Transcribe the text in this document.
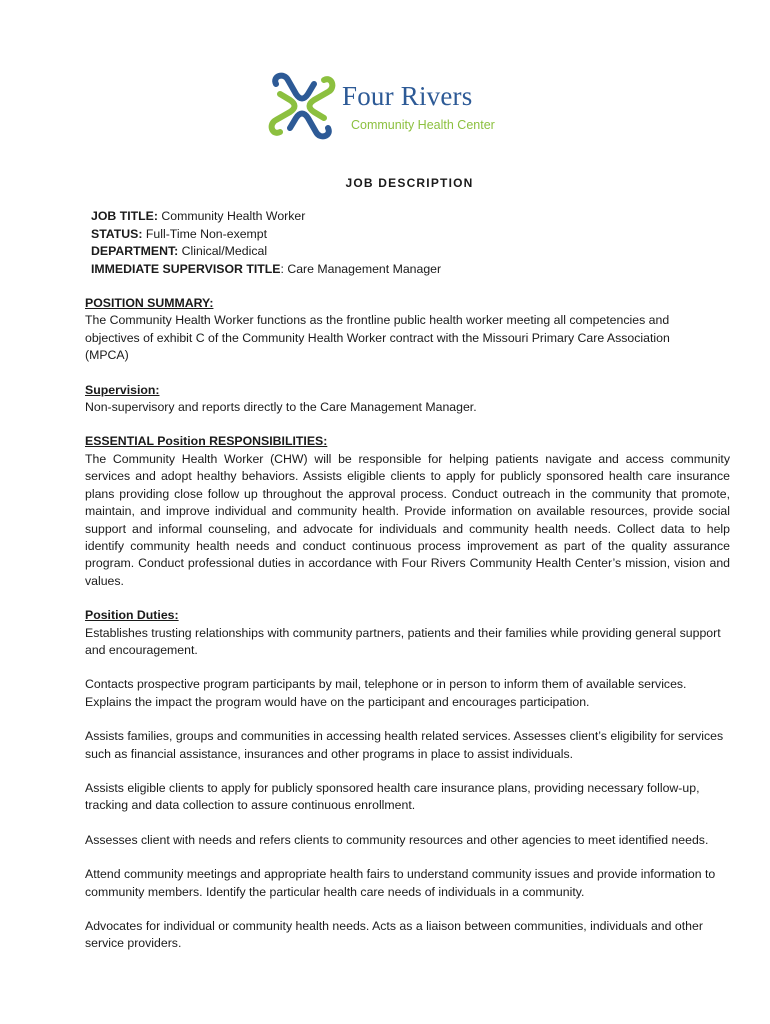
Four Rivers
Community Health Center
JOB DESCRIPTION
JOB TITLE: Community Health Worker
STATUS: Full-Time Non-exempt
DEPARTMENT: Clinical/Medical
IMMEDIATE SUPERVISOR TITLE: Care Management Manager
POSITION SUMMARY:

The Community Health Worker functions as the frontline public health worker meeting all competencies and objectives of exhibit C of the Community Health Worker contract with the Missouri Primary Care Association (MPCA)

Supervision:

Non-supervisory and reports directly to the Care Management Manager.

ESSENTIAL Position RESPONSIBILITIES:

The Community Health Worker (CHW) will be responsible for helping patients navigate and access community services and adopt healthy behaviors. Assists eligible clients to apply for publicly sponsored health care insurance plans providing close follow up throughout the approval process. Conduct outreach in the community that promote, maintain, and improve individual and community health. Provide information on available resources, provide social support and informal counseling, and advocate for individuals and community health needs. Collect data to help identify community health needs and conduct continuous process improvement as part of the quality assurance program. Conduct professional duties in accordance with Four Rivers Community Health Center’s mission, vision and values.

Position Duties:

Establishes trusting relationships with community partners, patients and their families while providing general support and encouragement.

Contacts prospective program participants by mail, telephone or in person to inform them of available services. Explains the impact the program would have on the participant and encourages participation.

Assists families, groups and communities in accessing health related services. Assesses client’s eligibility for services such as financial assistance, insurances and other programs in place to assist individuals.

Assists eligible clients to apply for publicly sponsored health care insurance plans, providing necessary follow-up, tracking and data collection to assure continuous enrollment.

Assesses client with needs and refers clients to community resources and other agencies to meet identified needs.

Attend community meetings and appropriate health fairs to understand community issues and provide information to community members. Identify the particular health care needs of individuals in a community.

Advocates for individual or community health needs. Acts as a liaison between communities, individuals and other service providers.
